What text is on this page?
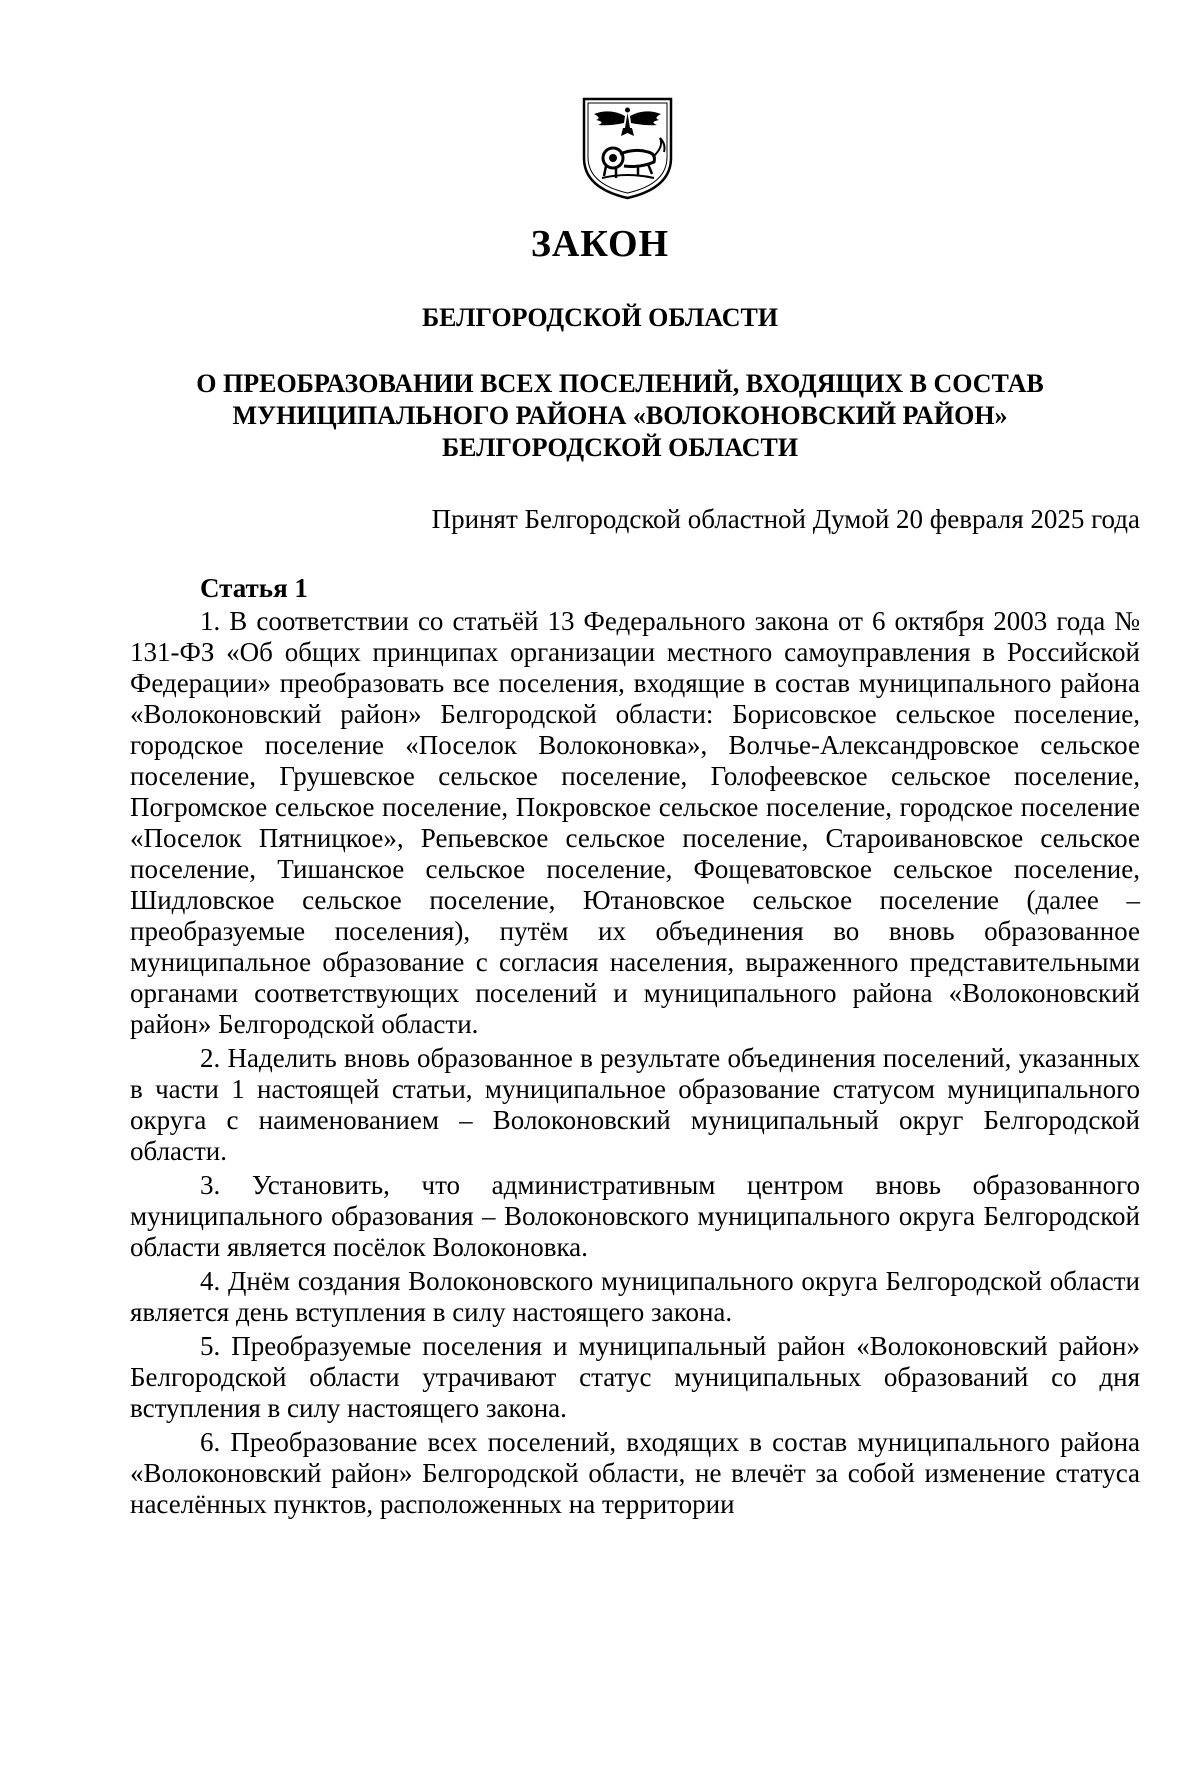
ЗАКОН
БЕЛГОРОДСКОЙ ОБЛАСТИ
О ПРЕОБРАЗОВАНИИ ВСЕХ ПОСЕЛЕНИЙ, ВХОДЯЩИХ В СОСТАВ
МУНИЦИПАЛЬНОГО РАЙОНА «ВОЛОКОНОВСКИЙ РАЙОН»
БЕЛГОРОДСКОЙ ОБЛАСТИ
Принят Белгородской областной Думой 20 февраля 2025 года
Статья 1

1. В соответствии со статьёй 13 Федерального закона от 6 октября 2003 года № 131-ФЗ «Об общих принципах организации местного самоуправления в Российской Федерации» преобразовать все поселения, входящие в состав муниципального района «Волоконовский район» Белгородской области: Борисовское сельское поселение, городское поселение «Поселок Волоконовка», Волчье-Александровское сельское поселение, Грушевское сельское поселение, Голофеевское сельское поселение, Погромское сельское поселение, Покровское сельское поселение, городское поселение «Поселок Пятницкое», Репьевское сельское поселение, Староивановское сельское поселение, Тишанское сельское поселение, Фощеватовское сельское поселение, Шидловское сельское поселение, Ютановское сельское поселение (далее – преобразуемые поселения), путём их объединения во вновь образованное муниципальное образование с согласия населения, выраженного представительными органами соответствующих поселений и муниципального района «Волоконовский район» Белгородской области.

2. Наделить вновь образованное в результате объединения поселений, указанных в части 1 настоящей статьи, муниципальное образование статусом муниципального округа с наименованием – Волоконовский муниципальный округ Белгородской области.

3. Установить, что административным центром вновь образованного муниципального образования – Волоконовского муниципального округа Белгородской области является посёлок Волоконовка.

4. Днём создания Волоконовского муниципального округа Белгородской области является день вступления в силу настоящего закона.

5. Преобразуемые поселения и муниципальный район «Волоконовский район» Белгородской области утрачивают статус муниципальных образований со дня вступления в силу настоящего закона.

6. Преобразование всех поселений, входящих в состав муниципального района «Волоконовский район» Белгородской области, не влечёт за собой изменение статуса населённых пунктов, расположенных на территории
